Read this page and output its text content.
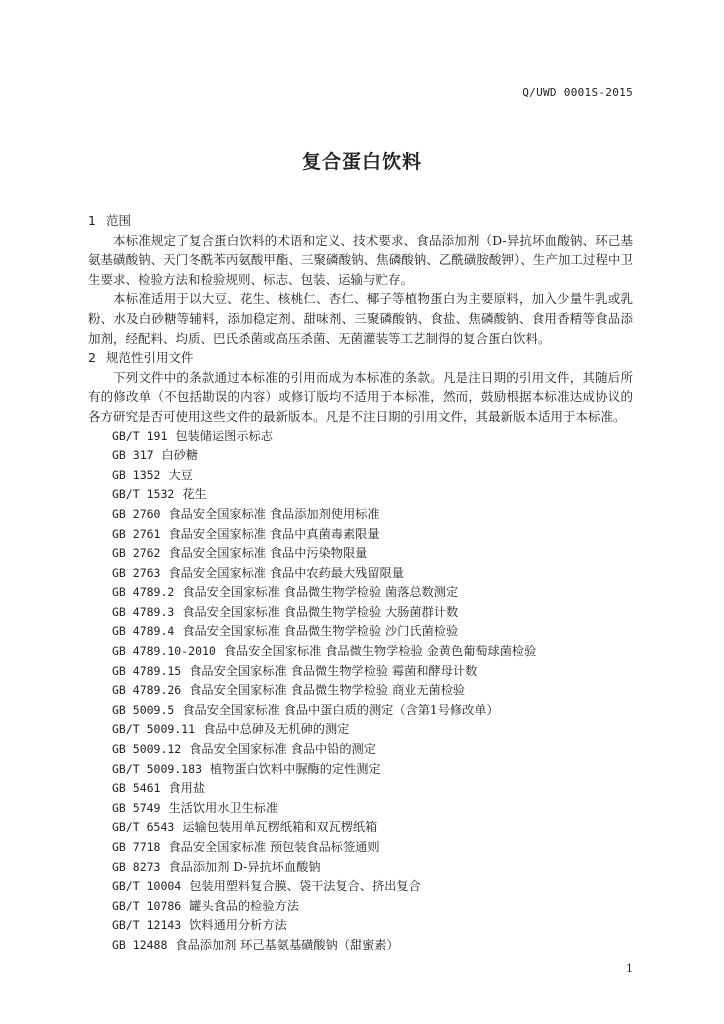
Q/UWD 0001S-2015
复合蛋白饮料

1 范围

本标准规定了复合蛋白饮料的术语和定义、技术要求、食品添加剂（D-异抗坏血酸钠、环己基氨基磺酸钠、天门冬酰苯丙氨酸甲酯、三聚磷酸钠、焦磷酸钠、乙酰磺胺酸钾）、生产加工过程中卫生要求、检验方法和检验规则、标志、包装、运输与贮存。

本标准适用于以大豆、花生、核桃仁、杏仁、椰子等植物蛋白为主要原料，加入少量牛乳或乳粉、水及白砂糖等辅料，添加稳定剂、甜味剂、三聚磷酸钠、食盐、焦磷酸钠、食用香精等食品添加剂，经配料、均质、巴氏杀菌或高压杀菌、无菌灌装等工艺制得的复合蛋白饮料。

2 规范性引用文件

下列文件中的条款通过本标准的引用而成为本标准的条款。凡是注日期的引用文件，其随后所有的修改单（不包括勘误的内容）或修订版均不适用于本标准，然而，鼓励根据本标准达成协议的各方研究是否可使用这些文件的最新版本。凡是不注日期的引用文件，其最新版本适用于本标准。

GB/T 191 包装储运图示标志
GB 317 白砂糖
GB 1352 大豆
GB/T 1532 花生
GB 2760 食品安全国家标准 食品添加剂使用标准
GB 2761 食品安全国家标准 食品中真菌毒素限量
GB 2762 食品安全国家标准 食品中污染物限量
GB 2763 食品安全国家标准 食品中农药最大残留限量
GB 4789.2 食品安全国家标准 食品微生物学检验 菌落总数测定
GB 4789.3 食品安全国家标准 食品微生物学检验 大肠菌群计数
GB 4789.4 食品安全国家标准 食品微生物学检验 沙门氏菌检验
GB 4789.10-2010 食品安全国家标准 食品微生物学检验 金黄色葡萄球菌检验
GB 4789.15 食品安全国家标准 食品微生物学检验 霉菌和酵母计数
GB 4789.26 食品安全国家标准 食品微生物学检验 商业无菌检验
GB 5009.5 食品安全国家标准 食品中蛋白质的测定（含第1号修改单）
GB/T 5009.11 食品中总砷及无机砷的测定
GB 5009.12 食品安全国家标准 食品中铅的测定
GB/T 5009.183 植物蛋白饮料中脲酶的定性测定
GB 5461 食用盐
GB 5749 生活饮用水卫生标准
GB/T 6543 运输包装用单瓦楞纸箱和双瓦楞纸箱
GB 7718 食品安全国家标准 预包装食品标签通则
GB 8273 食品添加剂 D-异抗坏血酸钠
GB/T 10004 包装用塑料复合膜、袋干法复合、挤出复合
GB/T 10786 罐头食品的检验方法
GB/T 12143 饮料通用分析方法
GB 12488 食品添加剂 环己基氨基磺酸钠（甜蜜素）
1
